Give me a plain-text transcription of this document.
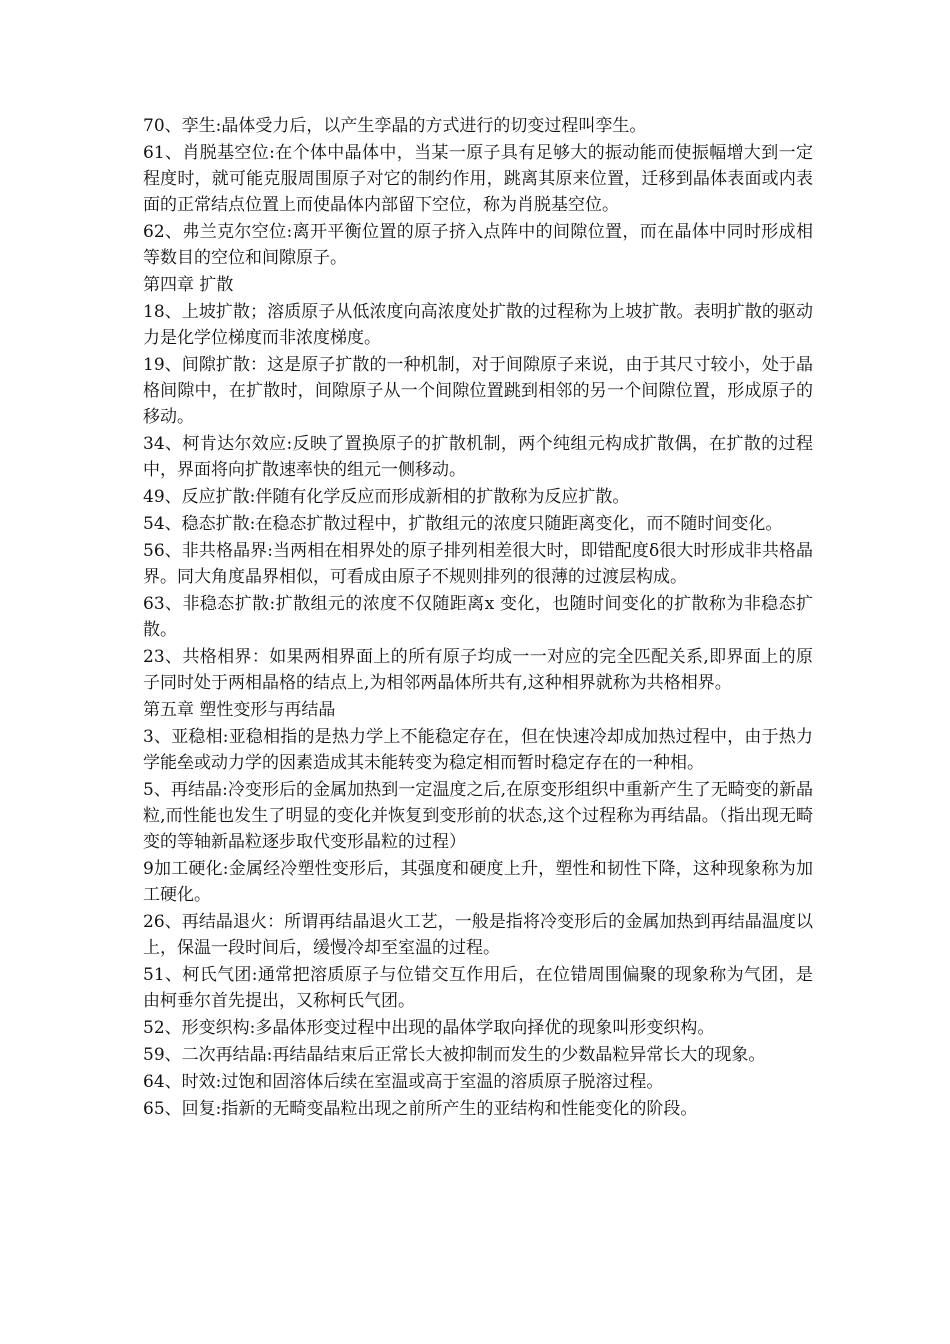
70、孪生:晶体受力后，以产生孪晶的方式进行的切变过程叫孪生。

61、肖脱基空位:在个体中晶体中，当某一原子具有足够大的振动能而使振幅增大到一定程度时，就可能克服周围原子对它的制约作用，跳离其原来位置，迁移到晶体表面或内表面的正常结点位置上而使晶体内部留下空位，称为肖脱基空位。

62、弗兰克尔空位:离开平衡位置的原子挤入点阵中的间隙位置，而在晶体中同时形成相等数目的空位和间隙原子。

第四章 扩散

18、上坡扩散；溶质原子从低浓度向高浓度处扩散的过程称为上坡扩散。表明扩散的驱动力是化学位梯度而非浓度梯度。

19、间隙扩散：这是原子扩散的一种机制，对于间隙原子来说，由于其尺寸较小，处于晶格间隙中，在扩散时，间隙原子从一个间隙位置跳到相邻的另一个间隙位置，形成原子的移动。

34、柯肯达尔效应:反映了置换原子的扩散机制，两个纯组元构成扩散偶，在扩散的过程中，界面将向扩散速率快的组元一侧移动。

49、反应扩散:伴随有化学反应而形成新相的扩散称为反应扩散。

54、稳态扩散:在稳态扩散过程中，扩散组元的浓度只随距离变化，而不随时间变化。

56、非共格晶界:当两相在相界处的原子排列相差很大时，即错配度δ很大时形成非共格晶界。同大角度晶界相似，可看成由原子不规则排列的很薄的过渡层构成。

63、非稳态扩散:扩散组元的浓度不仅随距离x 变化，也随时间变化的扩散称为非稳态扩散。

23、共格相界：如果两相界面上的所有原子均成一一对应的完全匹配关系,即界面上的原子同时处于两相晶格的结点上,为相邻两晶体所共有,这种相界就称为共格相界。

第五章 塑性变形与再结晶

3、亚稳相:亚稳相指的是热力学上不能稳定存在，但在快速冷却成加热过程中，由于热力学能垒或动力学的因素造成其未能转变为稳定相而暂时稳定存在的一种相。

5、再结晶:冷变形后的金属加热到一定温度之后,在原变形组织中重新产生了无畸变的新晶粒,而性能也发生了明显的变化并恢复到变形前的状态,这个过程称为再结晶。（指出现无畸变的等轴新晶粒逐步取代变形晶粒的过程）

9加工硬化:金属经冷塑性变形后，其强度和硬度上升，塑性和韧性下降，这种现象称为加工硬化。

26、再结晶退火：所谓再结晶退火工艺，一般是指将冷变形后的金属加热到再结晶温度以上，保温一段时间后，缓慢冷却至室温的过程。

51、柯氏气团:通常把溶质原子与位错交互作用后，在位错周围偏聚的现象称为气团，是由柯垂尔首先提出，又称柯氏气团。

52、形变织构:多晶体形变过程中出现的晶体学取向择优的现象叫形变织构。

59、二次再结晶:再结晶结束后正常长大被抑制而发生的少数晶粒异常长大的现象。

64、时效:过饱和固溶体后续在室温或高于室温的溶质原子脱溶过程。

65、回复:指新的无畸变晶粒出现之前所产生的亚结构和性能变化的阶段。
